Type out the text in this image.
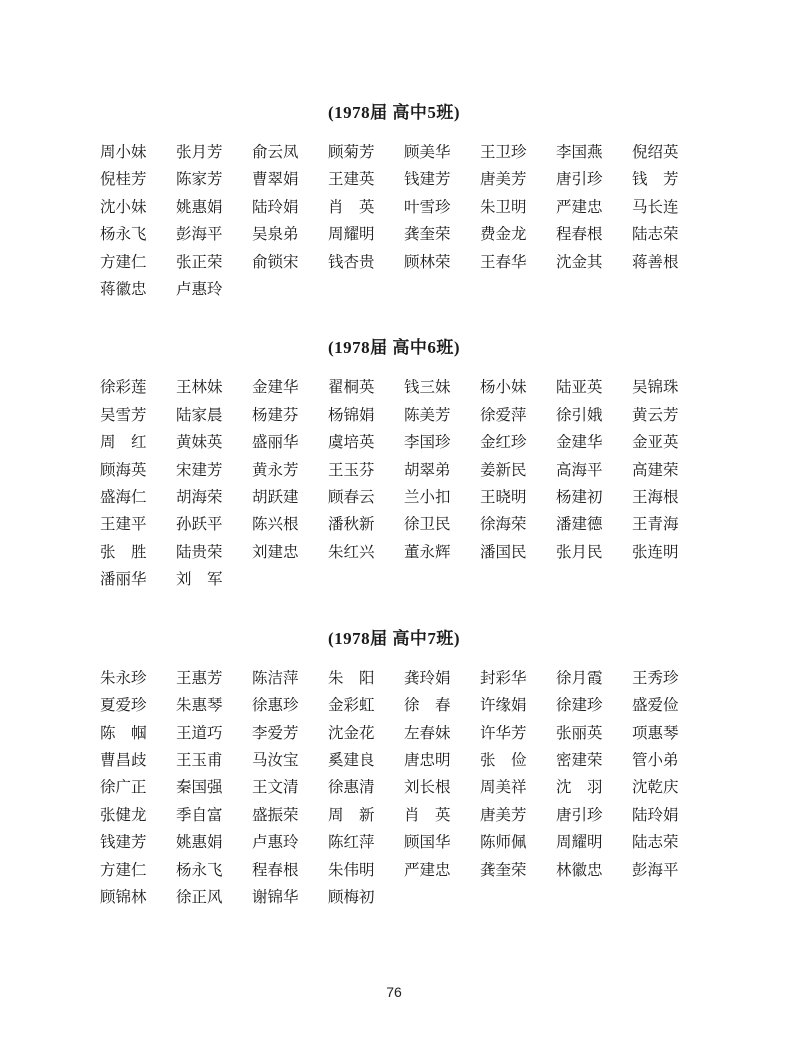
(1978届 高中5班)
周小妹	张月芳	俞云凤	顾菊芳	顾美华	王卫珍	李国燕	倪绍英
倪桂芳	陈家芳	曹翠娟	王建英	钱建芳	唐美芳	唐引珍	钱　芳
沈小妹	姚惠娟	陆玲娟	肖　英	叶雪珍	朱卫明	严建忠	马长连
杨永飞	彭海平	吴泉弟	周耀明	龚奎荣	费金龙	程春根	陆志荣
方建仁	张正荣	俞锁宋	钱杏贵	顾林荣	王春华	沈金其	蒋善根
蒋徽忠	卢惠玲
(1978届 高中6班)
徐彩莲	王林妹	金建华	翟桐英	钱三妹	杨小妹	陆亚英	吴锦珠
吴雪芳	陆家晨	杨建芬	杨锦娟	陈美芳	徐爱萍	徐引娥	黄云芳
周　红	黄妹英	盛丽华	虞培英	李国珍	金红珍	金建华	金亚英
顾海英	宋建芳	黄永芳	王玉芬	胡翠弟	姜新民	高海平	高建荣
盛海仁	胡海荣	胡跃建	顾春云	兰小扣	王晓明	杨建初	王海根
王建平	孙跃平	陈兴根	潘秋新	徐卫民	徐海荣	潘建德	王青海
张　胜	陆贵荣	刘建忠	朱红兴	董永辉	潘国民	张月民	张连明
潘丽华	刘　军
(1978届 高中7班)
朱永珍	王惠芳	陈洁萍	朱　阳	龚玲娟	封彩华	徐月霞	王秀珍
夏爱珍	朱惠琴	徐惠珍	金彩虹	徐　春	许缘娟	徐建珍	盛爱俭
陈　帼	王道巧	李爱芳	沈金花	左春妹	许华芳	张丽英	项惠琴
曹昌歧	王玉甫	马汝宝	奚建良	唐忠明	张　俭	密建荣	管小弟
徐广正	秦国强	王文清	徐惠清	刘长根	周美祥	沈　羽	沈乾庆
张健龙	季自富	盛振荣	周　新	肖　英	唐美芳	唐引珍	陆玲娟
钱建芳	姚惠娟	卢惠玲	陈红萍	顾国华	陈师佩	周耀明	陆志荣
方建仁	杨永飞	程春根	朱伟明	严建忠	龚奎荣	林徽忠	彭海平
顾锦林	徐正风	谢锦华	顾梅初
76
